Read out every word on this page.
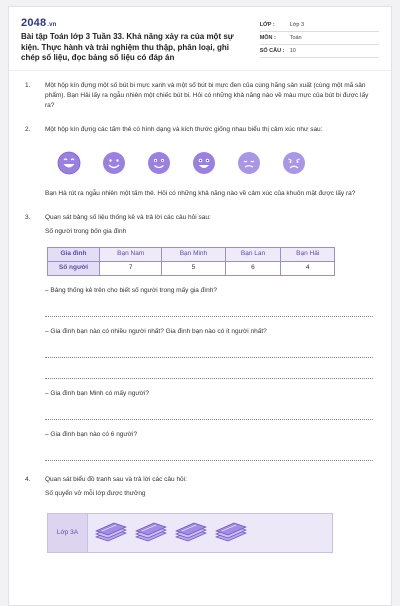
2048.vn
Bài tập Toán lớp 3 Tuần 33. Khả năng xảy ra của một sự kiện. Thực hành và trải nghiệm thu thập, phân loại, ghi chép số liệu, đọc bảng số liệu có đáp án
LỚP :	Lớp 3
MÔN :	Toán
SỐ CÂU : 10
1.	Một hộp kín đựng một số bút bi mực xanh và một số bút bi mực đen của cùng hãng sản xuất (cùng một mã sản phẩm). Bạn Hải lấy ra ngẫu nhiên một chiếc bút bi. Hỏi có những khả năng nào về màu mực của bút bi được lấy ra?
2.	Một hộp kín đựng các tấm thẻ có hình dạng và kích thước giống nhau biểu thị cảm xúc như sau:
Bạn Hà rút ra ngẫu nhiên một tấm thẻ. Hỏi có những khả năng nào về cảm xúc của khuôn mặt được lấy ra?
3.	Quan sát bảng số liệu thống kê và trả lời các câu hỏi sau:
Số người trong bốn gia đình
Gia đình	Bạn Nam	Bạn Minh	Bạn Lan	Bạn Hải
Số người	7	5	6	4
– Bảng thống kê trên cho biết số người trong mấy gia đình?
– Gia đình bạn nào có nhiều người nhất? Gia đình bạn nào có ít người nhất?
– Gia đình bạn Minh có mấy người?
– Gia đình bạn nào có 6 người?
4.	Quan sát biểu đồ tranh sau và trả lời các câu hỏi:
Số quyển vở mỗi lớp được thưởng
Lớp 3A
